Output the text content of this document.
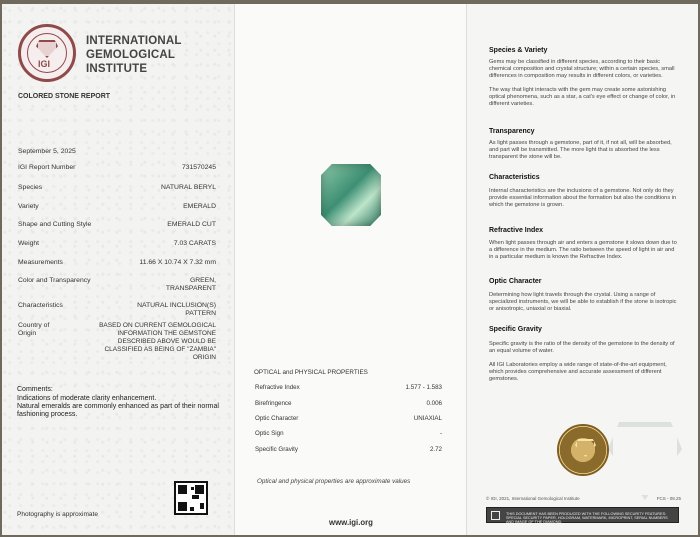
IGI
INTERNATIONAL
GEMOLOGICAL
INSTITUTE
COLORED STONE REPORT
September 5, 2025
IGI Report Number	731570245
Species	NATURAL BERYL
Variety	EMERALD
Shape and Cutting Style	EMERALD CUT
Weight	7.03 CARATS
Measurements	11.66 X 10.74 X 7.32 mm
Color and Transparency	GREEN,
TRANSPARENT
Characteristics	NATURAL INCLUSION(S)
PATTERN
Country of
Origin
BASED ON CURRENT GEMOLOGICAL
INFORMATION THE GEMSTONE
DESCRIBED ABOVE WOULD BE
CLASSIFIED AS BEING OF "ZAMBIA"
ORIGIN
Comments:
Indications of moderate clarity enhancement.
Natural emeralds are commonly enhanced as part of their normal fashioning process.
Photography is approximate
OPTICAL and PHYSICAL PROPERTIES
Refractive Index	1.577 - 1.583
Birefringence	0.006
Optic Character	UNIAXIAL
Optic Sign	-
Specific Gravity	2.72
Optical and physical properties are approximate values
www.igi.org
Species & Variety
Gems may be classified in different species, according to their basic chemical composition and crystal structure; within a certain species, small differences in composition may results in different colors, or varieties.

The way that light interacts with the gem may create some astonishing optical phenomena, such as a star, a cat's eye effect or change of color, in different varieties.
Transparency
As light passes through a gemstone, part of it, if not all, will be absorbed, and part will be transmitted. The more light that is absorbed the less transparent the stone will be.
Characteristics
Internal characteristics are the inclusions of a gemstone. Not only do they provide essential information about the formation but also the conditions in which the gemstone is grown.
Refractive Index
When light passes through air and enters a gemstone it slows down due to a difference in the medium. The ratio between the speed of light in air and in a particular medium is known the Refractive Index.
Optic Character
Determining how light travels through the crystal. Using a range of specialized instruments, we will be able to establish if the stone is isotropic or anisotropic, uniaxial or biaxial.
Specific Gravity
Specific gravity is the ratio of the density of the gemstone to the density of an equal volume of water.

All IGI Laboratories employ a wide range of state-of-the-art equipment, which provides comprehensive and accurate assessment of different gemstones.
© IGI, 2021, International Gemological Institute	FCS - 08.25
THIS DOCUMENT HAS BEEN PRODUCED WITH THE FOLLOWING SECURITY FEATURES: SPECIAL SECURITY PAPER, HOLOGRAM, WATERMARK, MICROPRINT, SERIAL NUMBERS AND IMAGE OF THE DIAMOND.
